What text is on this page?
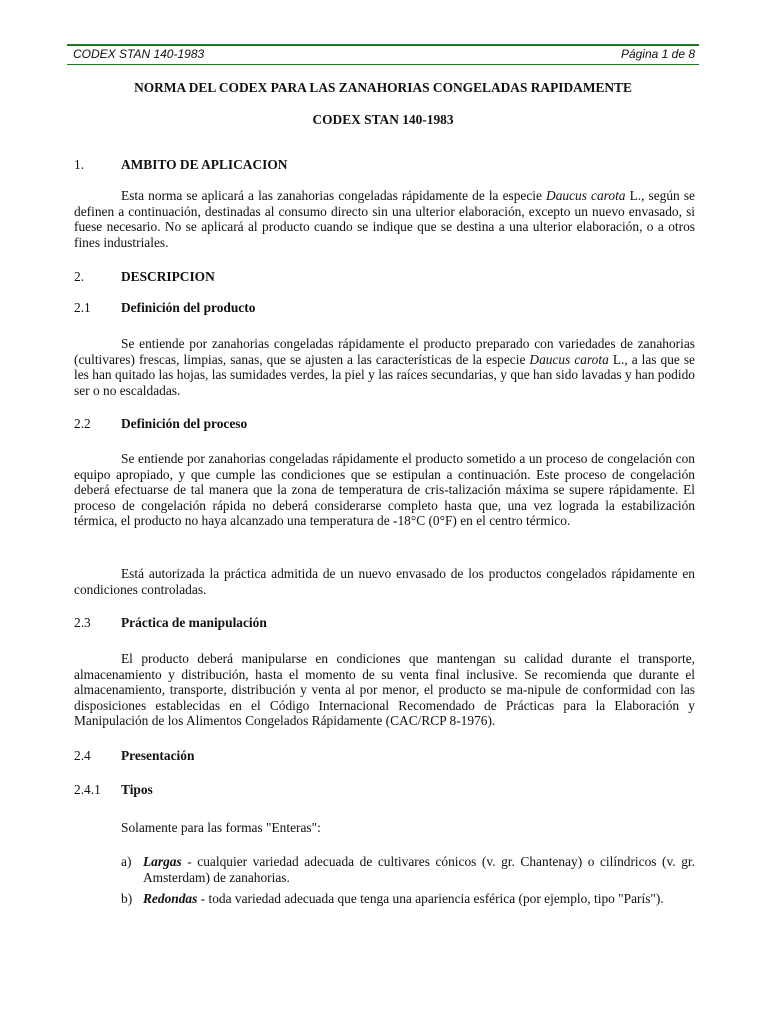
CODEX STAN 140-1983	Página 1 de 8
NORMA DEL CODEX PARA LAS ZANAHORIAS CONGELADAS RAPIDAMENTE
CODEX STAN 140-1983
1.	AMBITO DE APLICACION
Esta norma se aplicará a las zanahorias congeladas rápidamente de la especie Daucus carota L., según se definen a continuación, destinadas al consumo directo sin una ulterior elaboración, excepto un nuevo envasado, si fuese necesario. No se aplicará al producto cuando se indique que se destina a una ulterior elaboración, o a otros fines industriales.
2.	DESCRIPCION
2.1 Definición del producto
Se entiende por zanahorias congeladas rápidamente el producto preparado con variedades de zanahorias (cultivares) frescas, limpias, sanas, que se ajusten a las características de la especie Daucus carota L., a las que se les han quitado las hojas, las sumidades verdes, la piel y las raíces secundarias, y que han sido lavadas y han podido ser o no escaldadas.
2.2 Definición del proceso
Se entiende por zanahorias congeladas rápidamente el producto sometido a un proceso de congelación con equipo apropiado, y que cumple las condiciones que se estipulan a continuación. Este proceso de congelación deberá efectuarse de tal manera que la zona de temperatura de cris-talización máxima se supere rápidamente. El proceso de congelación rápida no deberá considerarse completo hasta que, una vez lograda la estabilización térmica, el producto no haya alcanzado una temperatura de -18°C (0°F) en el centro térmico.
Está autorizada la práctica admitida de un nuevo envasado de los productos congelados rápidamente en condiciones controladas.
2.3 Práctica de manipulación
El producto deberá manipularse en condiciones que mantengan su calidad durante el transporte, almacenamiento y distribución, hasta el momento de su venta final inclusive. Se recomienda que durante el almacenamiento, transporte, distribución y venta al por menor, el producto se ma-nipule de conformidad con las disposiciones establecidas en el Código Internacional Recomendado de Prácticas para la Elaboración y Manipulación de los Alimentos Congelados Rápidamente (CAC/RCP 8-1976).
2.4 Presentación
2.4.1 Tipos
Solamente para las formas "Enteras":
a) Largas - cualquier variedad adecuada de cultivares cónicos (v. gr. Chantenay) o cilíndricos (v. gr. Amsterdam) de zanahorias.
b) Redondas - toda variedad adecuada que tenga una apariencia esférica (por ejemplo, tipo "París").
